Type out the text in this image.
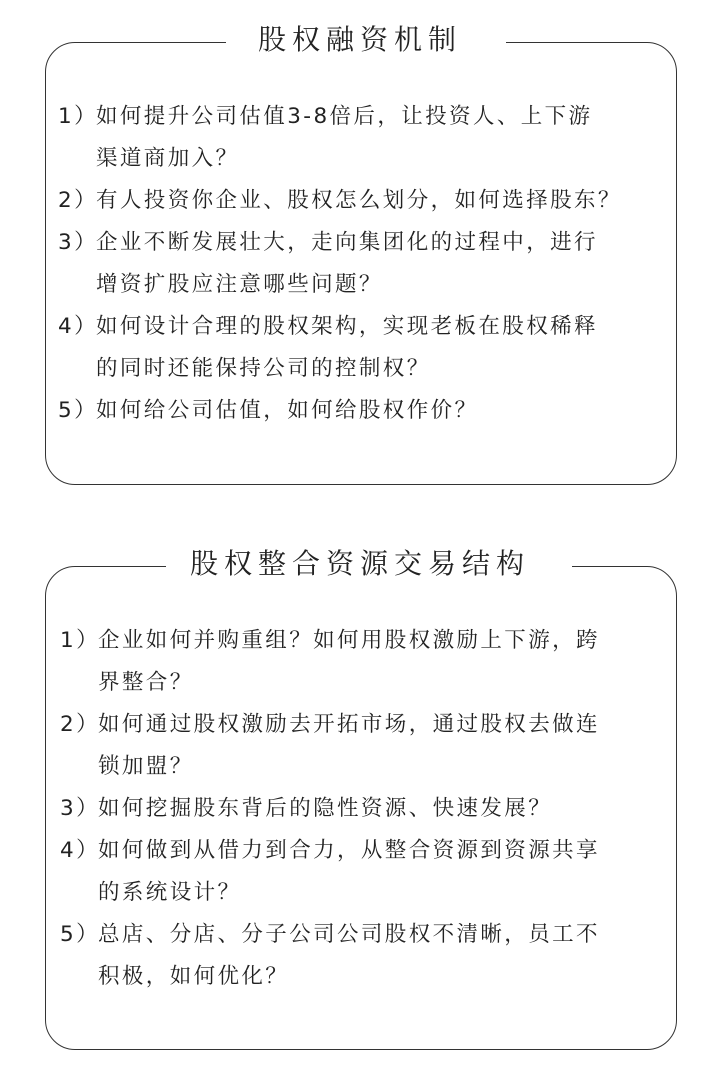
股权融资机制
1）如何提升公司估值3-8倍后，让投资人、上下游
渠道商加入？
2）有人投资你企业、股权怎么划分，如何选择股东？
3）企业不断发展壮大，走向集团化的过程中，进行
增资扩股应注意哪些问题？
4）如何设计合理的股权架构，实现老板在股权稀释
的同时还能保持公司的控制权？
5）如何给公司估值，如何给股权作价？
股权整合资源交易结构
1）企业如何并购重组？如何用股权激励上下游，跨
界整合？
2）如何通过股权激励去开拓市场，通过股权去做连
锁加盟？
3）如何挖掘股东背后的隐性资源、快速发展？
4）如何做到从借力到合力，从整合资源到资源共享
的系统设计？
5）总店、分店、分子公司公司股权不清晰，员工不
积极，如何优化？
